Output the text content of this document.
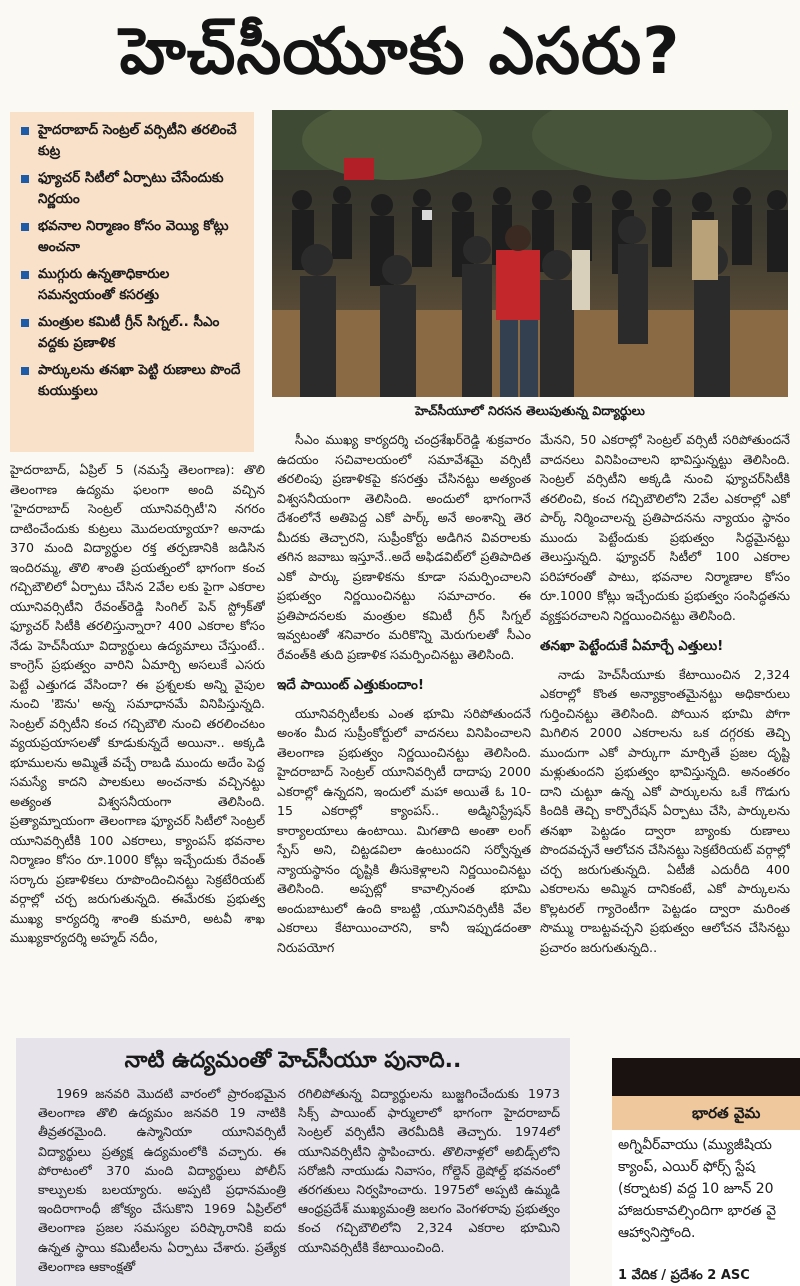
హెచ్‌సీయూకు ఎసరు?
హైదరాబాద్ సెంట్రల్ వర్సిటీని తరలించే కుట్ర
ఫ్యూచర్ సిటీలో ఏర్పాటు చేసేందుకు నిర్ణయం
భవనాల నిర్మాణం కోసం వెయ్యి కోట్లు అంచనా
ముగ్గురు ఉన్నతాధికారుల సమన్వయంతో కసరత్తు
మంత్రుల కమిటీ గ్రీన్ సిగ్నల్.. సీఎం వద్దకు ప్రణాళిక
పార్కులను తనఖా పెట్టి రుణాలు పొందే కుయుక్తులు
హెచ్‌సీయూలో నిరసన తెలుపుతున్న విద్యార్థులు

హైదరాబాద్, ఏప్రిల్ 5 (నమస్తే తెలంగాణ): తొలి తెలంగాణ ఉద్యమ ఫలంగా అంది వచ్చిన 'హైదరాబాద్ సెంట్రల్ యూనివర్సిటీ'ని నగరం దాటించేందుకు కుట్రలు మొదలయ్యాయా? అనాడు 370 మంది విద్యార్థుల రక్త తర్పణానికి జడిసిన ఇందిరమ్మ, తొలి శాంతి ప్రయత్నంలో భాగంగా కంచ గచ్చిబౌలిలో ఏర్పాటు చేసిన 2వేల లకు పైగా ఎకరాల యూనివర్సిటీని రేవంత్‌రెడ్డి సింగిల్ పెన్ స్ట్రోక్‌తో ఫ్యూచర్ సిటీకి తరలిస్తున్నారా? 400 ఎకరాల కోసం నేడు హెచ్‌సీయూ విద్యార్థులు ఉద్యమాలు చేస్తుంటే.. కాంగ్రెస్ ప్రభుత్వం వారిని ఏమార్చి అసలుకే ఎసరు పెట్టే ఎత్తుగడ వేసిందా? ఈ ప్రశ్నలకు అన్ని వైపుల నుంచి 'ఔను' అన్న సమాధానమే వినిపిస్తున్నది. సెంట్రల్ వర్సిటీని కంచ గచ్చిబౌలి నుంచి తరలించటం వ్యయప్రయాసలతో కూడుకున్నదే అయినా.. అక్కడి భూములను అమ్మితే వచ్చే రాబడి ముందు అదేం పెద్ద సమస్యే కాదని పాలకులు అంచనాకు వచ్చినట్టు అత్యంత విశ్వసనీయంగా తెలిసింది. ప్రత్యామ్నాయంగా తెలంగాణ ఫ్యూచర్ సిటీలో సెంట్రల్ యూనివర్సిటీకి 100 ఎకరాలు, క్యాంపస్ భవనాల నిర్మాణం కోసం రూ.1000 కోట్లు ఇచ్చేందుకు రేవంత్ సర్కారు ప్రణాళికలు రూపొందించినట్టు సెక్రటేరియట్ వర్గాల్లో చర్చ జరుగుతున్నది. ఈమేరకు ప్రభుత్వ ముఖ్య కార్యదర్శి శాంతి కుమారి, అటవీ శాఖ ముఖ్యకార్యదర్శి అహ్మద్ నదీం,

సీఎం ముఖ్య కార్యదర్శి చంద్రశేఖర్‌రెడ్డి శుక్రవారం ఉదయం సచివాలయంలో సమావేశమై వర్సిటీ తరలింపు ప్రణాళికపై కసరత్తు చేసినట్టు అత్యంత విశ్వసనీయంగా తెలిసింది. అందులో భాగంగానే దేశంలోనే అతిపెద్ద ఎకో పార్క్ అనే అంశాన్ని తెర మీదకు తెచ్చారని, సుప్రీంకోర్టు అడిగిన వివరాలకు తగిన జవాబు ఇస్తూనే..అదే అఫిడవిట్‌లో ప్రతిపాదిత ఎకో పార్కు ప్రణాళికను కూడా సమర్పించాలని ప్రభుత్వం నిర్ణయించినట్టు సమాచారం. ఈ ప్రతిపాదనలకు మంత్రుల కమిటీ గ్రీన్ సిగ్నల్ ఇవ్వటంతో శనివారం మరికొన్ని మెరుగులతో సీఎం రేవంత్‌కి తుది ప్రణాళిక సమర్పించినట్టు తెలిసింది.

ఇదే పాయింట్ ఎత్తుకుందాం!

యూనివర్సిటీలకు ఎంత భూమి సరిపోతుందనే అంశం మీద సుప్రీంకోర్టులో వాదనలు వినిపించాలని తెలంగాణ ప్రభుత్వం నిర్ణయించినట్టు తెలిసింది. హైదరాబాద్ సెంట్రల్ యూనివర్సిటీ దాదాపు 2000 ఎకరాల్లో ఉన్నదని, ఇందులో మహా అయితే ఓ 10-15 ఎకరాల్లో క్యాంపస్.. అడ్మినిస్ట్రేషన్ కార్యాలయాలు ఉంటాయి. మిగతాది అంతా లంగ్ స్పేస్ అని, చిట్టడవిలా ఉంటుందని సర్వోన్నత న్యాయస్థానం దృష్టికి తీసుకెళ్లాలని నిర్ణయించినట్టు తెలిసింది. అప్పట్లో కావాల్సినంత భూమి అందుబాటులో ఉంది కాబట్టి ,యూనివర్సిటీకి వేల ఎకరాలు కేటాయించారని, కానీ ఇప్పుడదంతా నిరుపయోగ

మేనని, 50 ఎకరాల్లో సెంట్రల్ వర్సిటీ సరిపోతుందనే వాదనలు వినిపించాలని భావిస్తున్నట్టు తెలిసింది. సెంట్రల్ వర్సిటీని అక్కడి నుంచి ఫ్యూచర్‌సిటీకి తరలించి, కంచ గచ్చిబౌలిలోని 2వేల ఎకరాల్లో ఎకో పార్క్ నిర్మించాలన్న ప్రతిపాదనను న్యాయం స్థానం ముందు పెట్టేందుకు ప్రభుత్వం సిద్ధమైనట్టు తెలుస్తున్నది. ఫ్యూచర్ సిటీలో 100 ఎకరాల పరిహారంతో పాటు, భవనాల నిర్మాణాల కోసం రూ.1000 కోట్లు ఇచ్చేందుకు ప్రభుత్వం సంసిద్ధతను వ్యక్తపరచాలని నిర్ణయించినట్టు తెలిసింది.

తనఖా పెట్టేందుకే ఏమార్చే ఎత్తులు!

నాడు హెచ్‌సీయూకు కేటాయించిన 2,324 ఎకరాల్లో కొంత అన్యాక్రాంతమైనట్టు అధికారులు గుర్తించినట్టు తెలిసింది. పోయిన భూమి పోగా మిగిలిన 2000 ఎకరాలను ఒక దగ్గరకు తెచ్చి ముందుగా ఎకో పార్కుగా మార్చితే ప్రజల దృష్టి మళ్లుతుందని ప్రభుత్వం భావిస్తున్నది. అనంతరం దాని చుట్టూ ఉన్న ఎకో పార్కులను ఒకే గొడుగు కిందికి తెచ్చి కార్పొరేషన్ ఏర్పాటు చేసి, పార్కులను తనఖా పెట్టడం ద్వారా బ్యాంకు రుణాలు పొందవచ్చనే ఆలోచన చేసినట్టు సెక్రటేరియట్ వర్గాల్లో చర్చ జరుగుతున్నది. ఏటీజీ ఎదురీది 400 ఎకరాలను అమ్మిన దానికంటే, ఎకో పార్కులను కొల్లటరల్ గ్యారెంటీగా పెట్టడం ద్వారా మరింత సొమ్ము రాబట్టవచ్చని ప్రభుత్వం ఆలోచన చేసినట్టు ప్రచారం జరుగుతున్నది..

నాటి ఉద్యమంతో హెచ్‌సీయూ పునాది..
1969 జనవరి మొదటి వారంలో ప్రారంభమైన తెలంగాణ తొలి ఉద్యమం జనవరి 19 నాటికి తీవ్రతరమైంది. ఉస్మానియా యూనివర్సిటీ విద్యార్థులు ప్రత్యక్ష ఉద్యమంలోకి వచ్చారు. ఈ పోరాటంలో 370 మంది విద్యార్థులు పోలీస్ కాల్పులకు బలయ్యారు. అప్పటి ప్రధానమంత్రి ఇందిరాగాంధీ జోక్యం చేసుకొని 1969 ఏప్రిల్‌లో తెలంగాణ ప్రజల సమస్యల పరిష్కారానికి ఐదు ఉన్నత స్థాయి కమిటీలను ఏర్పాటు చేశారు. ప్రత్యేక తెలంగాణ ఆకాంక్షతో
రగిలిపోతున్న విద్యార్థులను బుజ్జగించేందుకు 1973 సిక్స్ పాయింట్ ఫార్ములాలో భాగంగా హైదరాబాద్ సెంట్రల్ వర్సిటీని తెరమీదికి తెచ్చారు. 1974లో యూనివర్సిటీని స్థాపించారు. తొలినాళ్లలో అబిడ్స్‌లోని సరోజినీ నాయుడు నివాసం, గోల్డెన్ థ్రెషోల్డ్ భవనంలో తరగతులు నిర్వహించారు. 1975లో అప్పటి ఉమ్మడి ఆంధ్రప్రదేశ్ ముఖ్యమంత్రి జలగం వెంగళరావు ప్రభుత్వం కంచ గచ్చిబౌలిలోని 2,324 ఎకరాల భూమిని యూనివర్సిటీకి కేటాయించింది.
భారత వైమ
అగ్నివీర్‌వాయు (మ్యుజీషియ
క్యాంప్, ఎయిర్ ఫోర్స్ స్టేష
(కర్నాటక) వద్ద 10 జూన్ 20
హాజరుకావల్సిందిగా భారత వై
ఆహ్వానిస్తోంది.
1 వేదిక / ప్రదేశం 2 ASC
